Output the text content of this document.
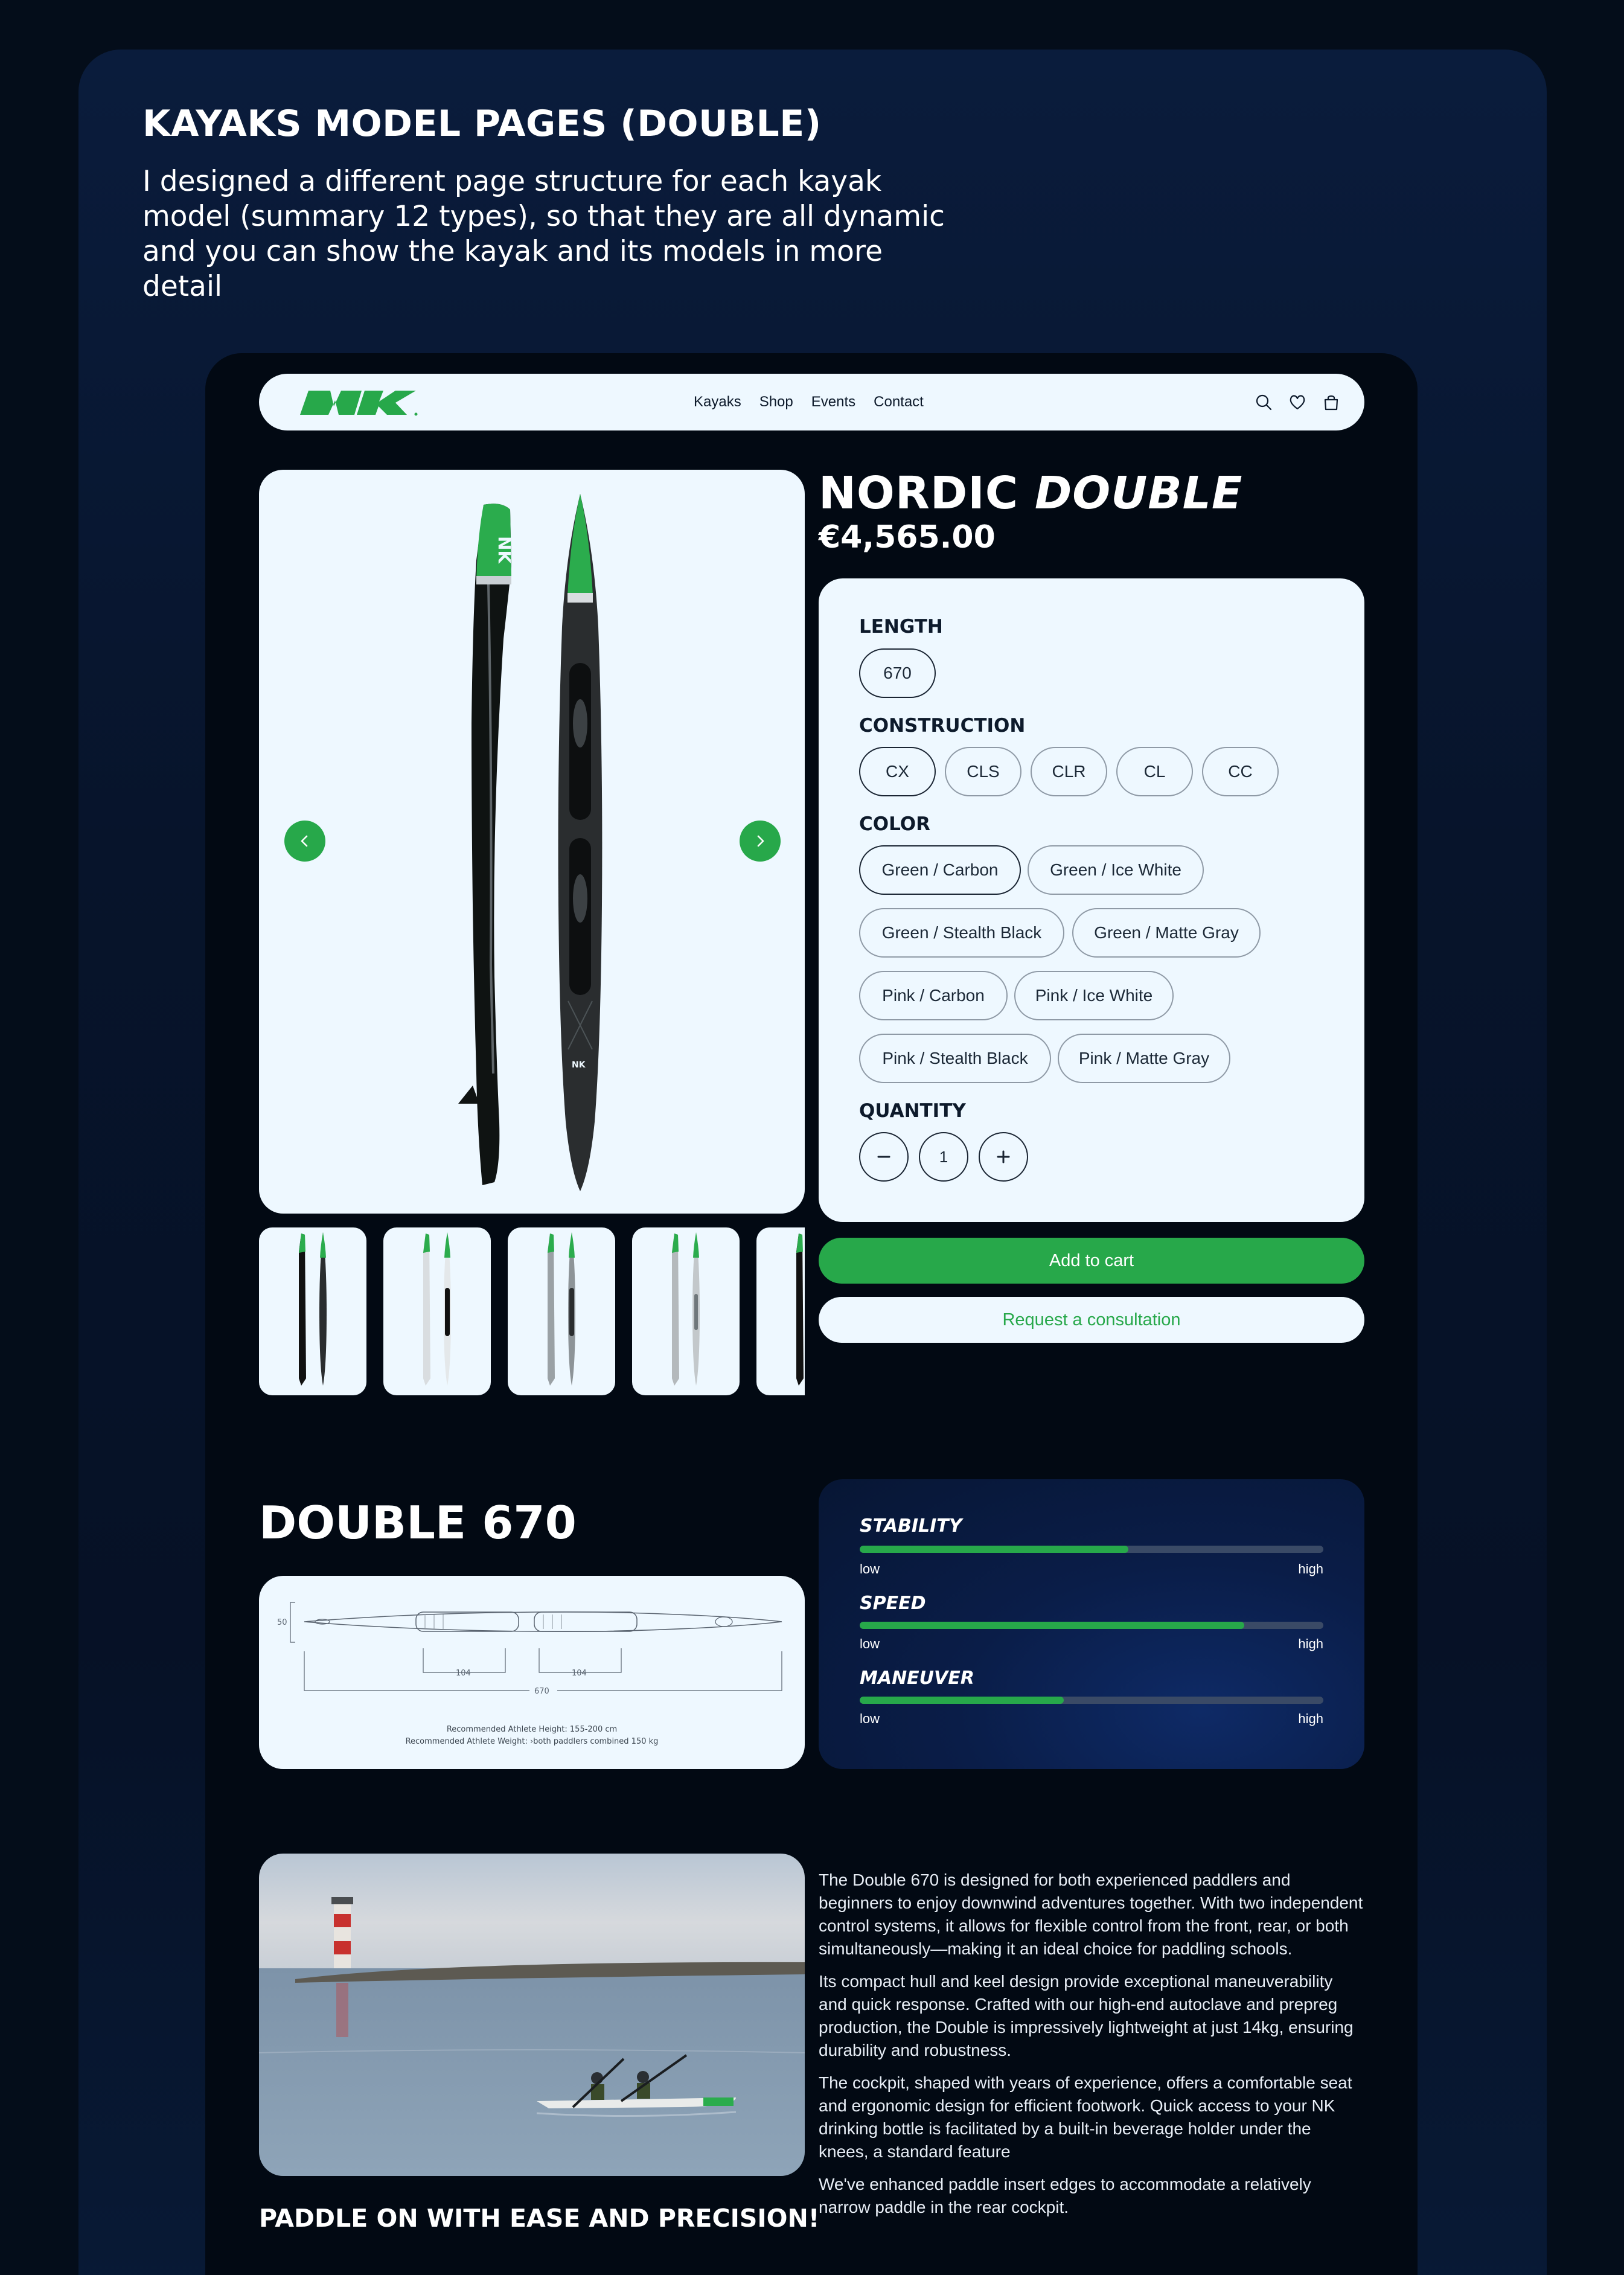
KAYAKS MODEL PAGES (DOUBLE)
I designed a different page structure for each kayak model (summary 12 types), so that they are all dynamic and you can show the kayak and its models in more detail
Kayaks Shop Events Contact
NK
NK
NORDIC DOUBLE
€4,565.00
LENGTH
670
CONSTRUCTION
CX	CLS	CLR	CL	CC
COLOR
Green / Carbon	Green / Ice White
Green / Stealth Black	Green / Matte Gray
Pink / Carbon	Pink / Ice White
Pink / Stealth Black	Pink / Matte Gray
QUANTITY
1
Add to cart
Request a consultation
DOUBLE 670
50
104	104
670
Recommended Athlete Height: 155-200 cm
Recommended Athlete Weight: ›both paddlers combined 150 kg
STABILITY
low	high
SPEED
low	high
MANEUVER
low	high
PADDLE ON WITH EASE AND PRECISION!

The Double 670 is designed for both experienced paddlers and beginners to enjoy downwind adventures together. With two independent control systems, it allows for flexible control from the front, rear, or both simultaneously—making it an ideal choice for paddling schools.

Its compact hull and keel design provide exceptional maneuverability and quick response. Crafted with our high-end autoclave and prepreg production, the Double is impressively lightweight at just 14kg, ensuring durability and robustness.

The cockpit, shaped with years of experience, offers a comfortable seat and ergonomic design for efficient footwork. Quick access to your NK drinking bottle is facilitated by a built-in beverage holder under the knees, a standard feature

We've enhanced paddle insert edges to accommodate a relatively narrow paddle in the rear cockpit.
